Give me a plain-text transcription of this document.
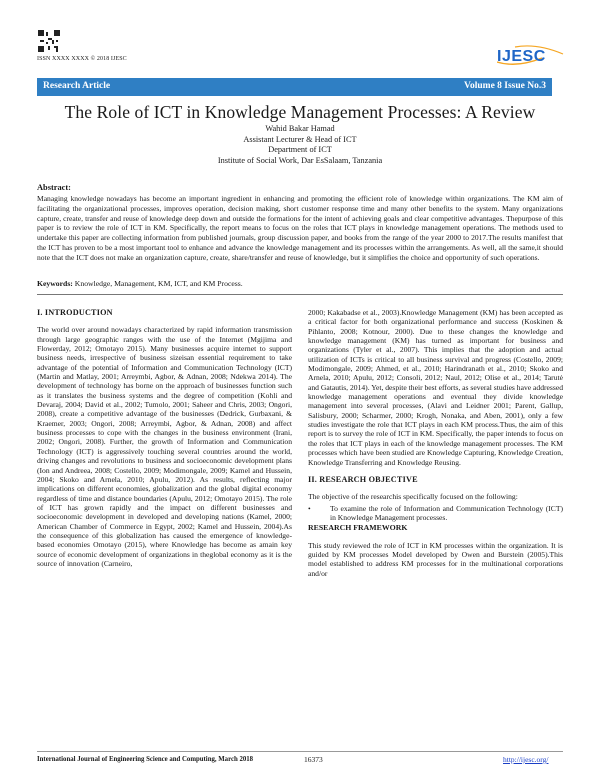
ISSN XXXX XXXX © 2018 IJESC	IJESC
Research Article	Volume 8 Issue No.3
The Role of ICT in Knowledge Management Processes: A Review
Wahid Bakar Hamad
Assistant Lecturer & Head of ICT
Department of ICT
Institute of Social Work, Dar EsSalaam, Tanzania
Abstract:
Managing knowledge nowadays has become an important ingredient in enhancing and promoting the efficient role of knowledge within organizations. The KM aim of facilitating the organizational processes, improves operation, decision making, short customer response time and many other benefits to the system. Many organizations capture, create, transfer and reuse of knowledge deep down and outside the formations for the intent of achieving goals and clear competitive advantages. Thepurpose of this paper is to review the role of ICT in KM. Specifically, the report means to focus on the roles that ICT plays in knowledge management operations. The methods used to undertake this paper are collecting information from published journals, group discussion paper, and books from the range of the year 2000 to 2017.The results manifest that the ICT has proven to be a most important tool to enhance and advance the knowledge management and its processes within the arrangements. As well, all the same,it should note that the ICT does not make an organization capture, create, share/transfer and reuse of knowledge, but it simplifies the choice and opportunity of such operations.
Keywords: Knowledge, Management, KM, ICT, and KM Process.
I. INTRODUCTION

The world over around nowadays characterized by rapid information transmission through large geographic ranges with the use of the Internet (Mgijima and Flowerday, 2012; Omotayo 2015). Many businesses acquire internet to support business needs, irrespective of business sizeisan essential requirement to take advantage of the potential of Information and Communication Technology (ICT) (Martin and Matlay, 2001; Arreymbi, Agbor, & Adnan, 2008; Ndekwa 2014). The development of technology has borne on the approach of businesses function such as it translates the business systems and the degree of competition (Kohli and Devaraj, 2004; David et al., 2002; Tumolo, 2001; Saheer and Chris, 2003; Ongori, 2008), create a competitive advantage of the businesses (Dedrick, Gurbaxani, & Kraemer, 2003; Ongori, 2008; Arreymbi, Agbor, & Adnan, 2008) and affect business processes to cope with the changes in the business environment (Irani, 2002; Ongori, 2008). Further, the growth of Information and Communication Technology (ICT) is aggressively touching several countries around the world, driving changes and revolutions to business and socioeconomic development plans (Ion and Andreea, 2008; Costello, 2009; Modimongale, 2009; Kamel and Hussein, 2004; Skoko and Arnela, 2010; Apulu, 2012). As results, reflecting major implications on different economies, globalization and the global digital economy regardless of time and distance boundaries (Apulu, 2012; Omotayo 2015). The role of ICT has grown rapidly and the impact on different businesses and socioeconomic development in developed and developing nations (Kamel, 2000; American Chamber of Commerce in Egypt, 2002; Kamel and Hussein, 2004).As the consequence of this globalization has caused the emergence of knowledge-based economies Omotayo (2015), where Knowledge has become as amain key source of economic development of organizations in theglobal economy as it is the source of innovation (Carneiro,

2000; Kakabadse et al., 2003).Knowledge Management (KM) has been accepted as a critical factor for both organizational performance and success (Koskinen & Pihlanto, 2008; Kotnour, 2000). Due to these changes the knowledge and knowledge management (KM) has turned as important for business and organizations (Tyler et al., 2007). This implies that the adoption and actual utilization of ICTs is critical to all business survival and progress (Costello, 2009; Modimongale, 2009; Ahmed, et al., 2010; Harindranath et al., 2010; Skoko and Arnela, 2010; Apulu, 2012; Consoli, 2012; Naul, 2012; Olise et al., 2014; Tarutė and Gatautis, 2014). Yet, despite their best efforts, as several studies have addressed knowledge management operations and eventual they divide knowledge management into several processes, (Alavi and Leidner 2001; Parent, Gallup, Salisbury, 2000; Scharmer, 2000; Krogh, Nonaka, and Aben, 2001), only a few studies investigate the role that ICT plays in each KM process.Thus, the aim of this report is to survey the role of ICT in KM. Specifically, the paper intends to focus on the roles that ICT plays in each of the knowledge management processes. The KM processes which have been studied are Knowledge Capturing, Knowledge Creation, Knowledge Transferring and Knowledge Reusing.

II. RESEARCH OBJECTIVE

The objective of the researchis specifically focused on the following:

•	To examine the role of Information and Communication Technology (ICT) in Knowledge Management processes.
RESEARCH FRAMEWORK

This study reviewed the role of ICT in KM processes within the organization. It is guided by KM processes Model developed by Owen and Burstein (2005).This model established to address KM processes for in the multinational corporations and/or

International Journal of Engineering Science and Computing, March 2018	16373	http://ijesc.org/
